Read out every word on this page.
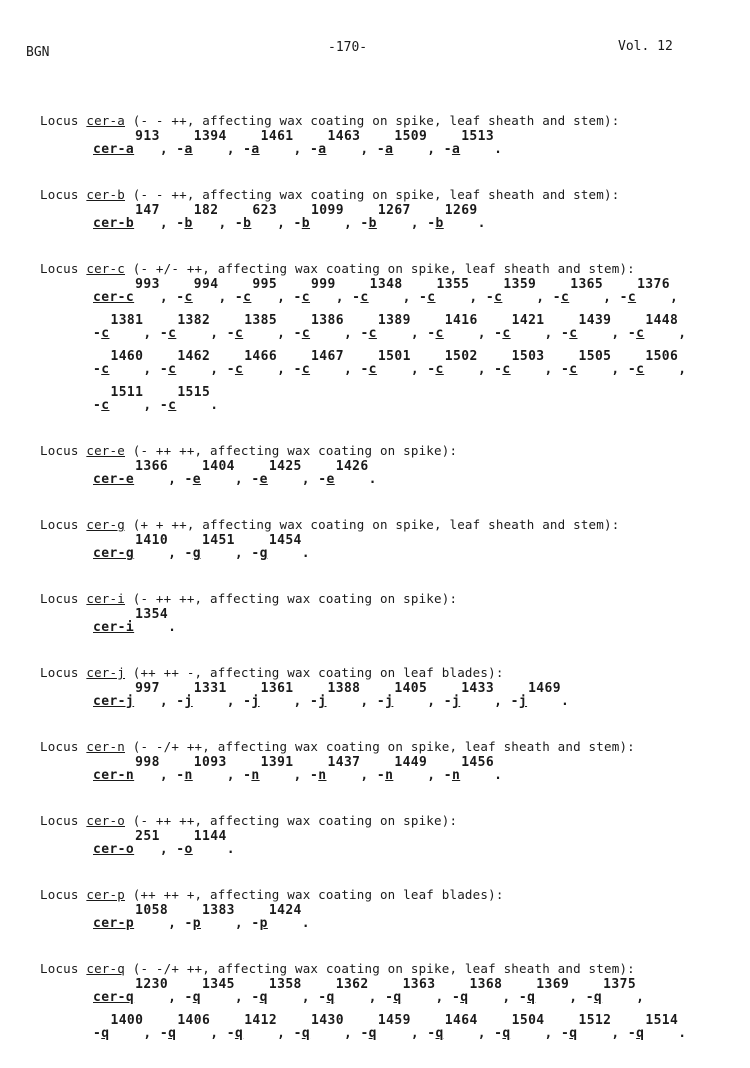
BGN	-170-	Vol. 12
Locus cer-a (- - ++, affecting wax coating on spike, leaf sheath and stem):
cer-a913, -a1394, -a1461, -a1463, -a1509, -a1513.
Locus cer-b (- - ++, affecting wax coating on spike, leaf sheath and stem):
cer-b147, -b182, -b623, -b1099, -b1267, -b1269.
Locus cer-c (- +/- ++, affecting wax coating on spike, leaf sheath and stem):
cer-c993, -c994, -c995, -c999, -c1348, -c1355, -c1359, -c1365, -c1376,
-c1381, -c1382, -c1385, -c1386, -c1389, -c1416, -c1421, -c1439, -c1448,
-c1460, -c1462, -c1466, -c1467, -c1501, -c1502, -c1503, -c1505, -c1506,
-c1511, -c1515.
Locus cer-e (- ++ ++, affecting wax coating on spike):
cer-e1366, -e1404, -e1425, -e1426.
Locus cer-g (+ + ++, affecting wax coating on spike, leaf sheath and stem):
cer-g1410, -g1451, -g1454.
Locus cer-i (- ++ ++, affecting wax coating on spike):
cer-i1354.
Locus cer-j (++ ++ -, affecting wax coating on leaf blades):
cer-j997, -j1331, -j1361, -j1388, -j1405, -j1433, -j1469.
Locus cer-n (- -/+ ++, affecting wax coating on spike, leaf sheath and stem):
cer-n998, -n1093, -n1391, -n1437, -n1449, -n1456.
Locus cer-o (- ++ ++, affecting wax coating on spike):
cer-o251, -o1144.
Locus cer-p (++ ++ +, affecting wax coating on leaf blades):
cer-p1058, -p1383, -p1424.
Locus cer-q (- -/+ ++, affecting wax coating on spike, leaf sheath and stem):
cer-q1230, -q1345, -q1358, -q1362, -q1363, -q1368, -q1369, -q1375,
-q1400, -q1406, -q1412, -q1430, -q1459, -q1464, -q1504, -q1512, -q1514.
